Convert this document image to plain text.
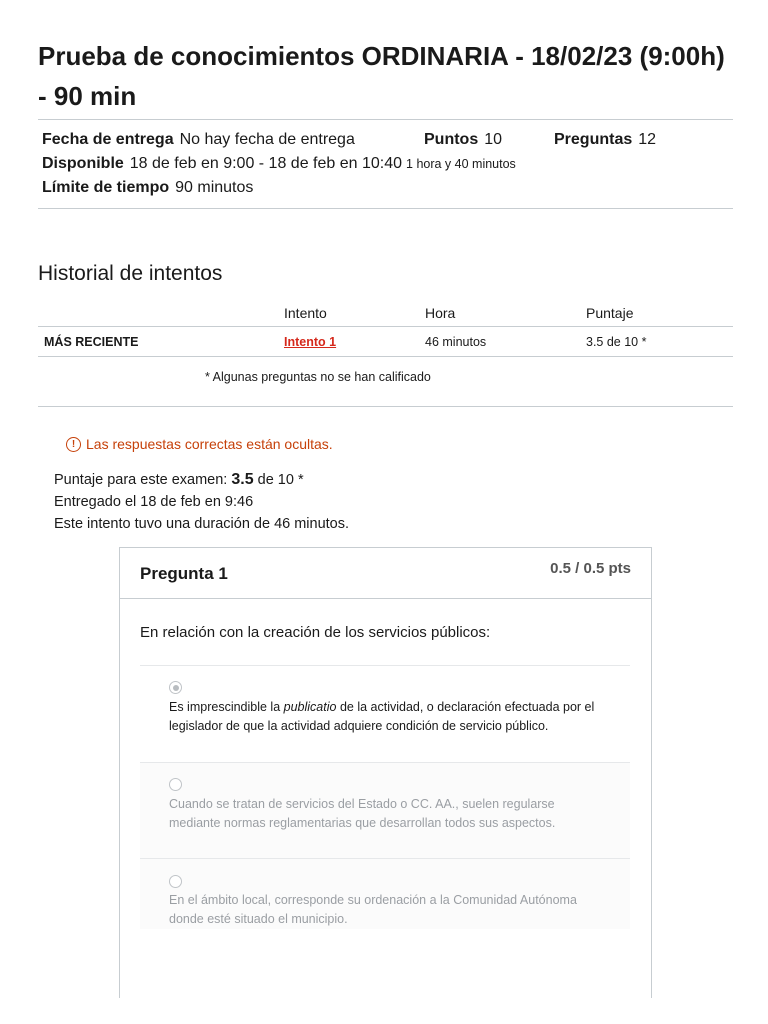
Prueba de conocimientos ORDINARIA - 18/02/23 (9:00h) - 90 min
Fecha de entrega No hay fecha de entrega	Puntos 10	Preguntas 12
Disponible 18 de feb en 9:00 - 18 de feb en 10:40 1 hora y 40 minutos
Límite de tiempo 90 minutos
Historial de intentos
	Intento	Hora	Puntaje
MÁS RECIENTE	Intento 1	46 minutos	3.5 de 10 *
* Algunas preguntas no se han calificado
! Las respuestas correctas están ocultas.
Puntaje para este examen: 3.5 de 10 *
Entregado el 18 de feb en 9:46
Este intento tuvo una duración de 46 minutos.
Pregunta 1	0.5 / 0.5 pts
En relación con la creación de los servicios públicos:
Es imprescindible la publicatio de la actividad, o declaración efectuada por el legislador de que la actividad adquiere condición de servicio público.
Cuando se tratan de servicios del Estado o CC. AA., suelen regularse mediante normas reglamentarias que desarrollan todos sus aspectos.
En el ámbito local, corresponde su ordenación a la Comunidad Autónoma donde esté situado el municipio.
